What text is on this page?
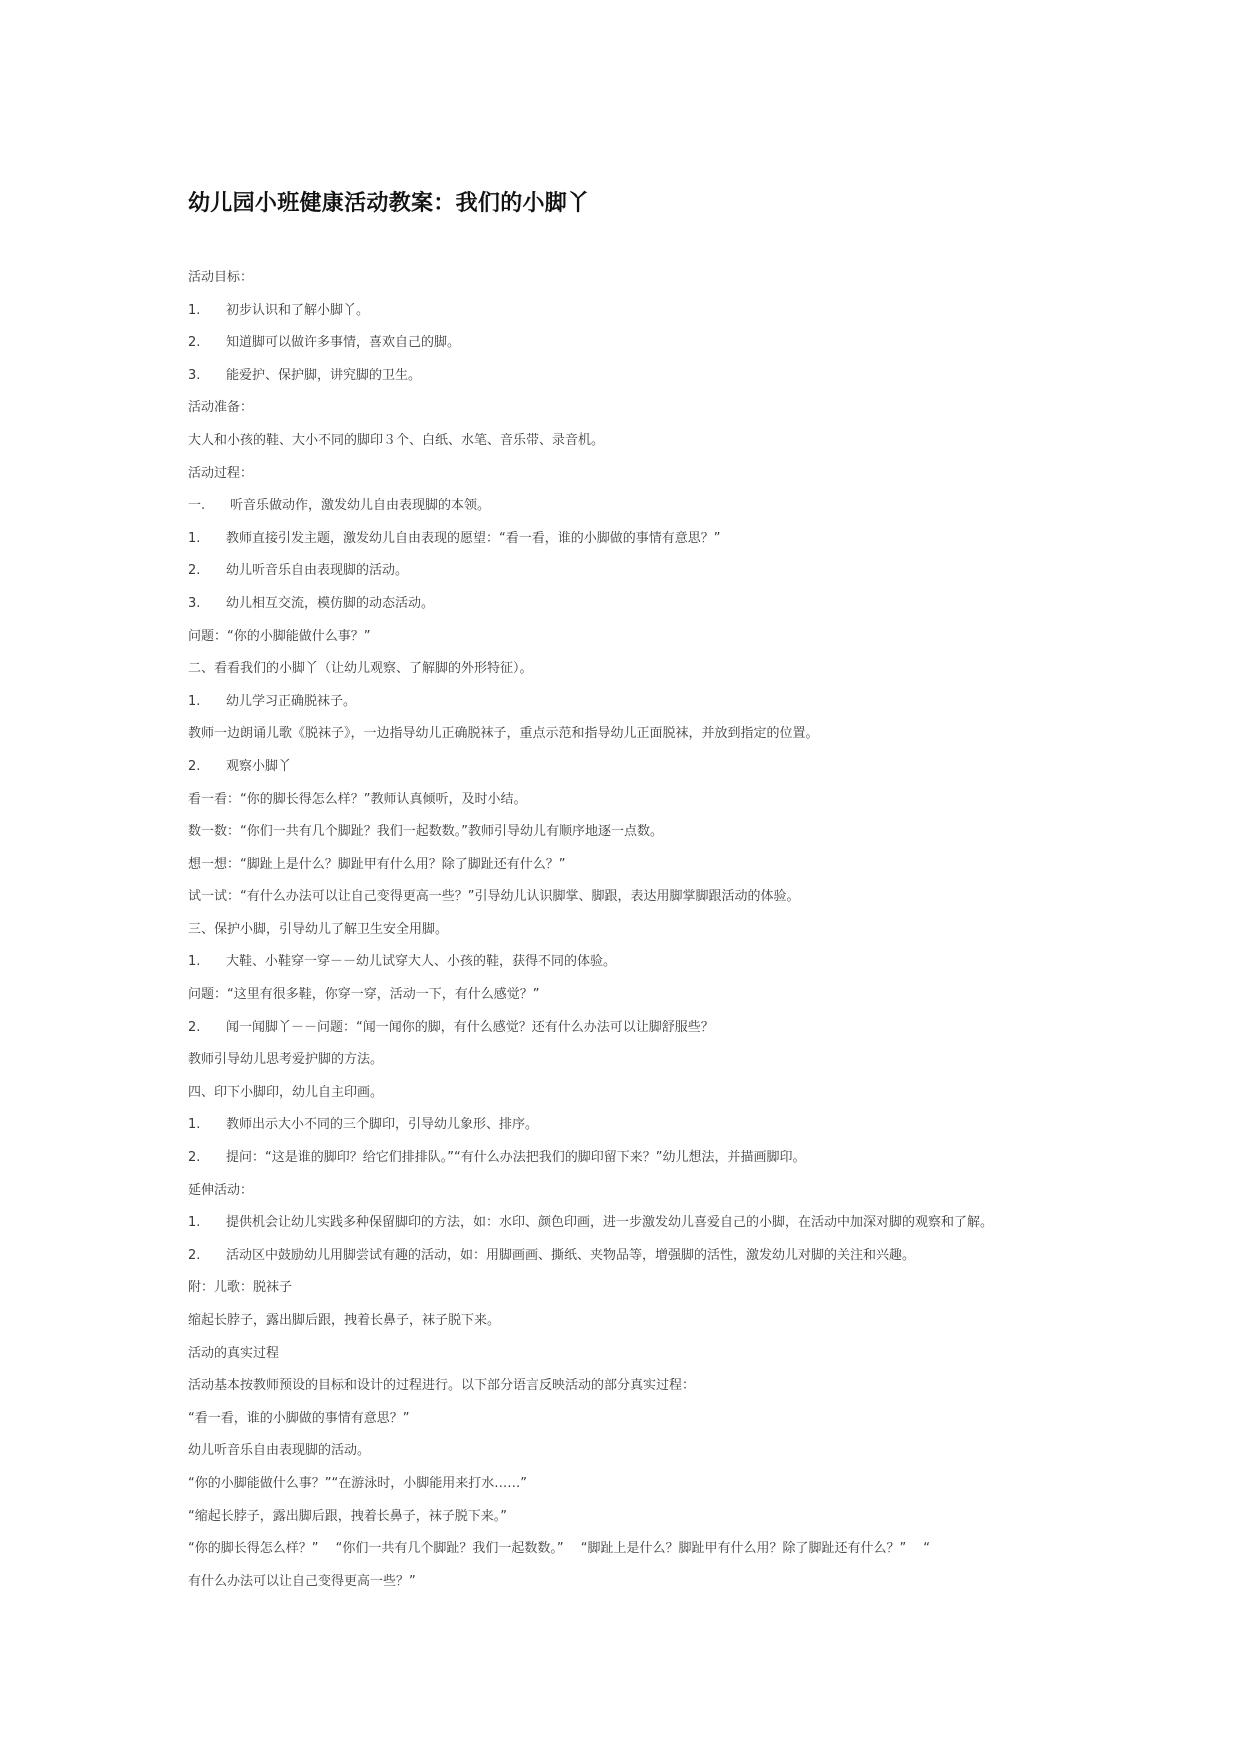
幼儿园小班健康活动教案：我们的小脚丫
活动目标：
1. 初步认识和了解小脚丫。
2. 知道脚可以做许多事情，喜欢自己的脚。
3. 能爱护、保护脚，讲究脚的卫生。
活动准备：
大人和小孩的鞋、大小不同的脚印３个、白纸、水笔、音乐带、录音机。
活动过程：
一. 听音乐做动作，激发幼儿自由表现脚的本领。
1. 教师直接引发主题，激发幼儿自由表现的愿望：“看一看，谁的小脚做的事情有意思？”
2. 幼儿听音乐自由表现脚的活动。
3. 幼儿相互交流，模仿脚的动态活动。
问题：“你的小脚能做什么事？”
二、看看我们的小脚丫（让幼儿观察、了解脚的外形特征）。
1. 幼儿学习正确脱袜子。
教师一边朗诵儿歌《脱袜子》，一边指导幼儿正确脱袜子，重点示范和指导幼儿正面脱袜，并放到指定的位置。
2. 观察小脚丫
看一看：“你的脚长得怎么样？”教师认真倾听，及时小结。
数一数：“你们一共有几个脚趾？我们一起数数。”教师引导幼儿有顺序地逐一点数。
想一想：“脚趾上是什么？脚趾甲有什么用？除了脚趾还有什么？”
试一试：“有什么办法可以让自己变得更高一些？”引导幼儿认识脚掌、脚跟，表达用脚掌脚跟活动的体验。
三、保护小脚，引导幼儿了解卫生安全用脚。
1. 大鞋、小鞋穿一穿－－幼儿试穿大人、小孩的鞋，获得不同的体验。
问题：“这里有很多鞋，你穿一穿，活动一下，有什么感觉？”
2. 闻一闻脚丫－－问题：“闻一闻你的脚，有什么感觉？还有什么办法可以让脚舒服些？
教师引导幼儿思考爱护脚的方法。
四、印下小脚印，幼儿自主印画。
1. 教师出示大小不同的三个脚印，引导幼儿象形、排序。
2. 提问：“这是谁的脚印？给它们排排队。”“有什么办法把我们的脚印留下来？”幼儿想法，并描画脚印。
延伸活动：
1. 提供机会让幼儿实践多种保留脚印的方法，如：水印、颜色印画，进一步激发幼儿喜爱自己的小脚，在活动中加深对脚的观察和了解。
2. 活动区中鼓励幼儿用脚尝试有趣的活动，如：用脚画画、撕纸、夹物品等，增强脚的活性，激发幼儿对脚的关注和兴趣。
附：儿歌：脱袜子
缩起长脖子，露出脚后跟，拽着长鼻子，袜子脱下来。
活动的真实过程
活动基本按教师预设的目标和设计的过程进行。以下部分语言反映活动的部分真实过程：
“看一看，谁的小脚做的事情有意思？”
幼儿听音乐自由表现脚的活动。
“你的小脚能做什么事？”“在游泳时，小脚能用来打水……”
“缩起长脖子，露出脚后跟，拽着长鼻子，袜子脱下来。”
“你的脚长得怎么样？”　 “你们一共有几个脚趾？我们一起数数。”　 “脚趾上是什么？脚趾甲有什么用？除了脚趾还有什么？”　 “
有什么办法可以让自己变得更高一些？”
